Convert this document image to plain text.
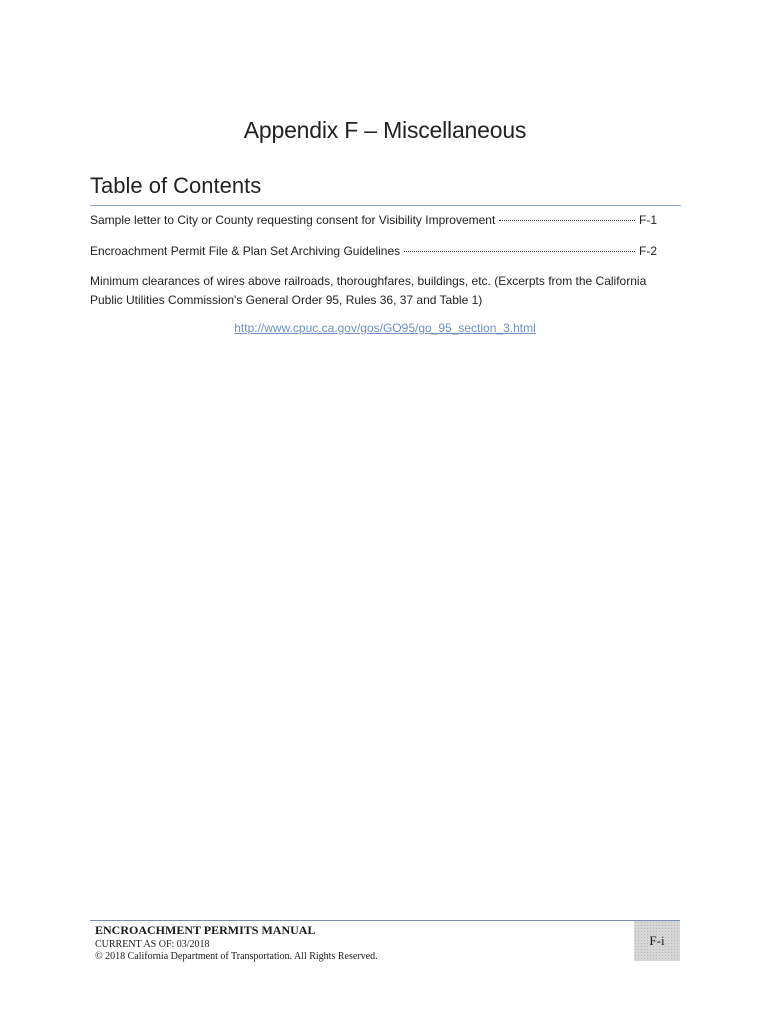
Appendix F – Miscellaneous
Table of Contents
Sample letter to City or County requesting consent for Visibility Improvement	F-1
Encroachment Permit File & Plan Set Archiving Guidelines	F-2

Minimum clearances of wires above railroads, thoroughfares, buildings, etc. (Excerpts from the California Public Utilities Commission's General Order 95, Rules 36, 37 and Table 1)

http://www.cpuc.ca.gov/gos/GO95/go_95_section_3.html
ENCROACHMENT PERMITS MANUAL
CURRENT AS OF: 03/2018
© 2018 California Department of Transportation. All Rights Reserved.
F-i
